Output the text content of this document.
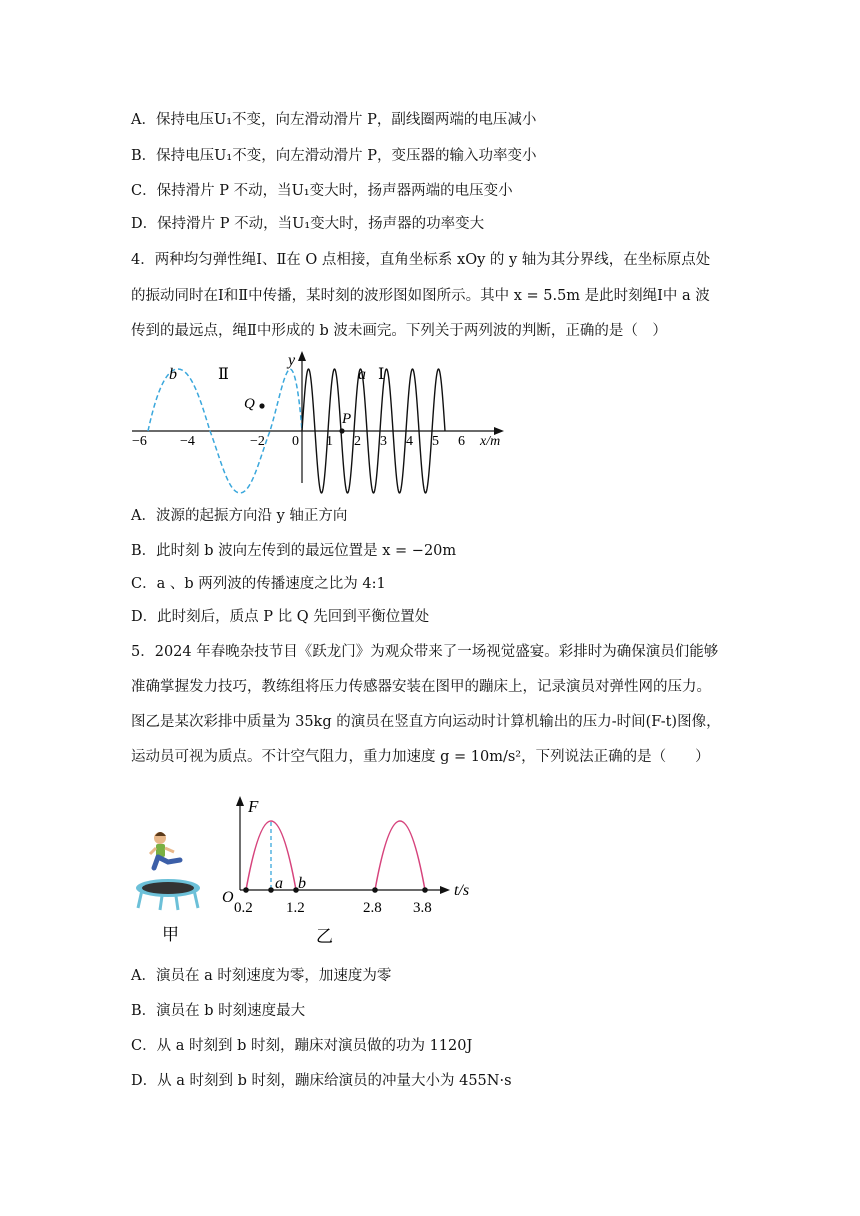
A．保持电压U₁不变，向左滑动滑片 P，副线圈两端的电压减小
B．保持电压U₁不变，向左滑动滑片 P，变压器的输入功率变小
C．保持滑片 P 不动，当U₁变大时，扬声器两端的电压变小
D．保持滑片 P 不动，当U₁变大时，扬声器的功率变大
4．两种均匀弹性绳Ⅰ、Ⅱ在 O 点相接，直角坐标系 xOy 的 y 轴为其分界线，在坐标原点处
的振动同时在Ⅰ和Ⅱ中传播，某时刻的波形图如图所示。其中 x = 5.5m 是此时刻绳Ⅰ中 a 波
传到的最远点，绳Ⅱ中形成的 b 波未画完。下列关于两列波的判断，正确的是（　）
b	Ⅱ
y
a Ⅰ
Q
P
0
−6 −4	−2	1 2 3 4 5 6 x/m
A．波源的起振方向沿 y 轴正方向
B．此时刻 b 波向左传到的最远位置是 x = −20m
C．a 、b 两列波的传播速度之比为 4:1
D．此时刻后，质点 P 比 Q 先回到平衡位置处
5．2024 年春晚杂技节目《跃龙门》为观众带来了一场视觉盛宴。彩排时为确保演员们能够
准确掌握发力技巧，教练组将压力传感器安装在图甲的蹦床上，记录演员对弹性网的压力。
图乙是某次彩排中质量为 35kg 的演员在竖直方向运动时计算机输出的压力-时间(F-t)图像，
运动员可视为质点。不计空气阻力，重力加速度 g = 10m/s²，下列说法正确的是（　　）
甲
F
t/s
O
a b
0.2 1.2	2.8 3.8
乙
A．演员在 a 时刻速度为零，加速度为零
B．演员在 b 时刻速度最大
C．从 a 时刻到 b 时刻，蹦床对演员做的功为 1120J
D．从 a 时刻到 b 时刻，蹦床给演员的冲量大小为 455N·s
